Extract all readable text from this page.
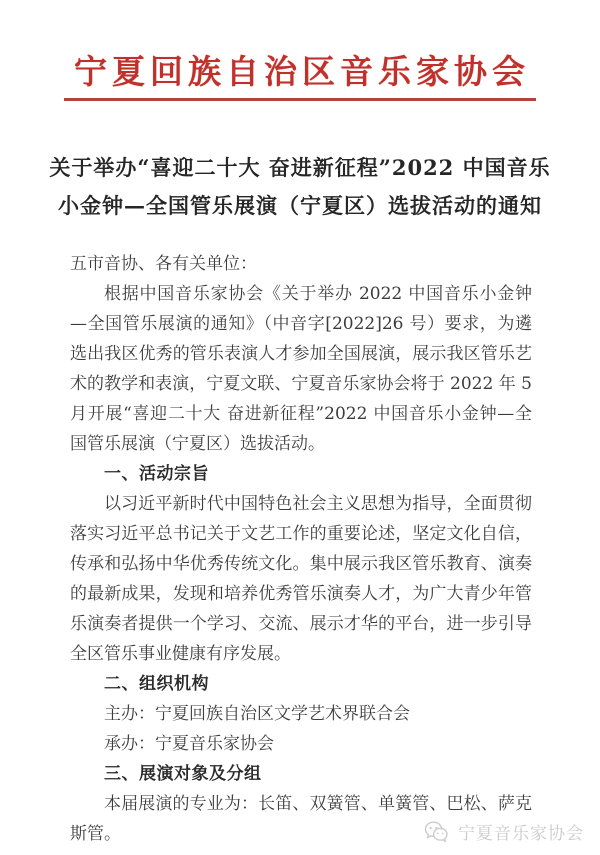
宁夏回族自治区音乐家协会
关于举办“喜迎二十大 奋进新征程”2022 中国音乐
小金钟—全国管乐展演（宁夏区）选拔活动的通知

五市音协、各有关单位：

根据中国音乐家协会《关于举办 2022 中国音乐小金钟—全国管乐展演的通知》（中音字[2022]26 号）要求，为遴选出我区优秀的管乐表演人才参加全国展演，展示我区管乐艺术的教学和表演，宁夏文联、宁夏音乐家协会将于 2022 年 5 月开展“喜迎二十大 奋进新征程”2022 中国音乐小金钟—全国管乐展演（宁夏区）选拔活动。

一、活动宗旨

以习近平新时代中国特色社会主义思想为指导，全面贯彻落实习近平总书记关于文艺工作的重要论述，坚定文化自信，传承和弘扬中华优秀传统文化。集中展示我区管乐教育、演奏的最新成果，发现和培养优秀管乐演奏人才，为广大青少年管乐演奏者提供一个学习、交流、展示才华的平台，进一步引导全区管乐事业健康有序发展。

二、组织机构

主办：宁夏回族自治区文学艺术界联合会

承办：宁夏音乐家协会

三、展演对象及分组

本届展演的专业为：长笛、双簧管、单簧管、巴松、萨克斯管。	宁夏音乐家协会
